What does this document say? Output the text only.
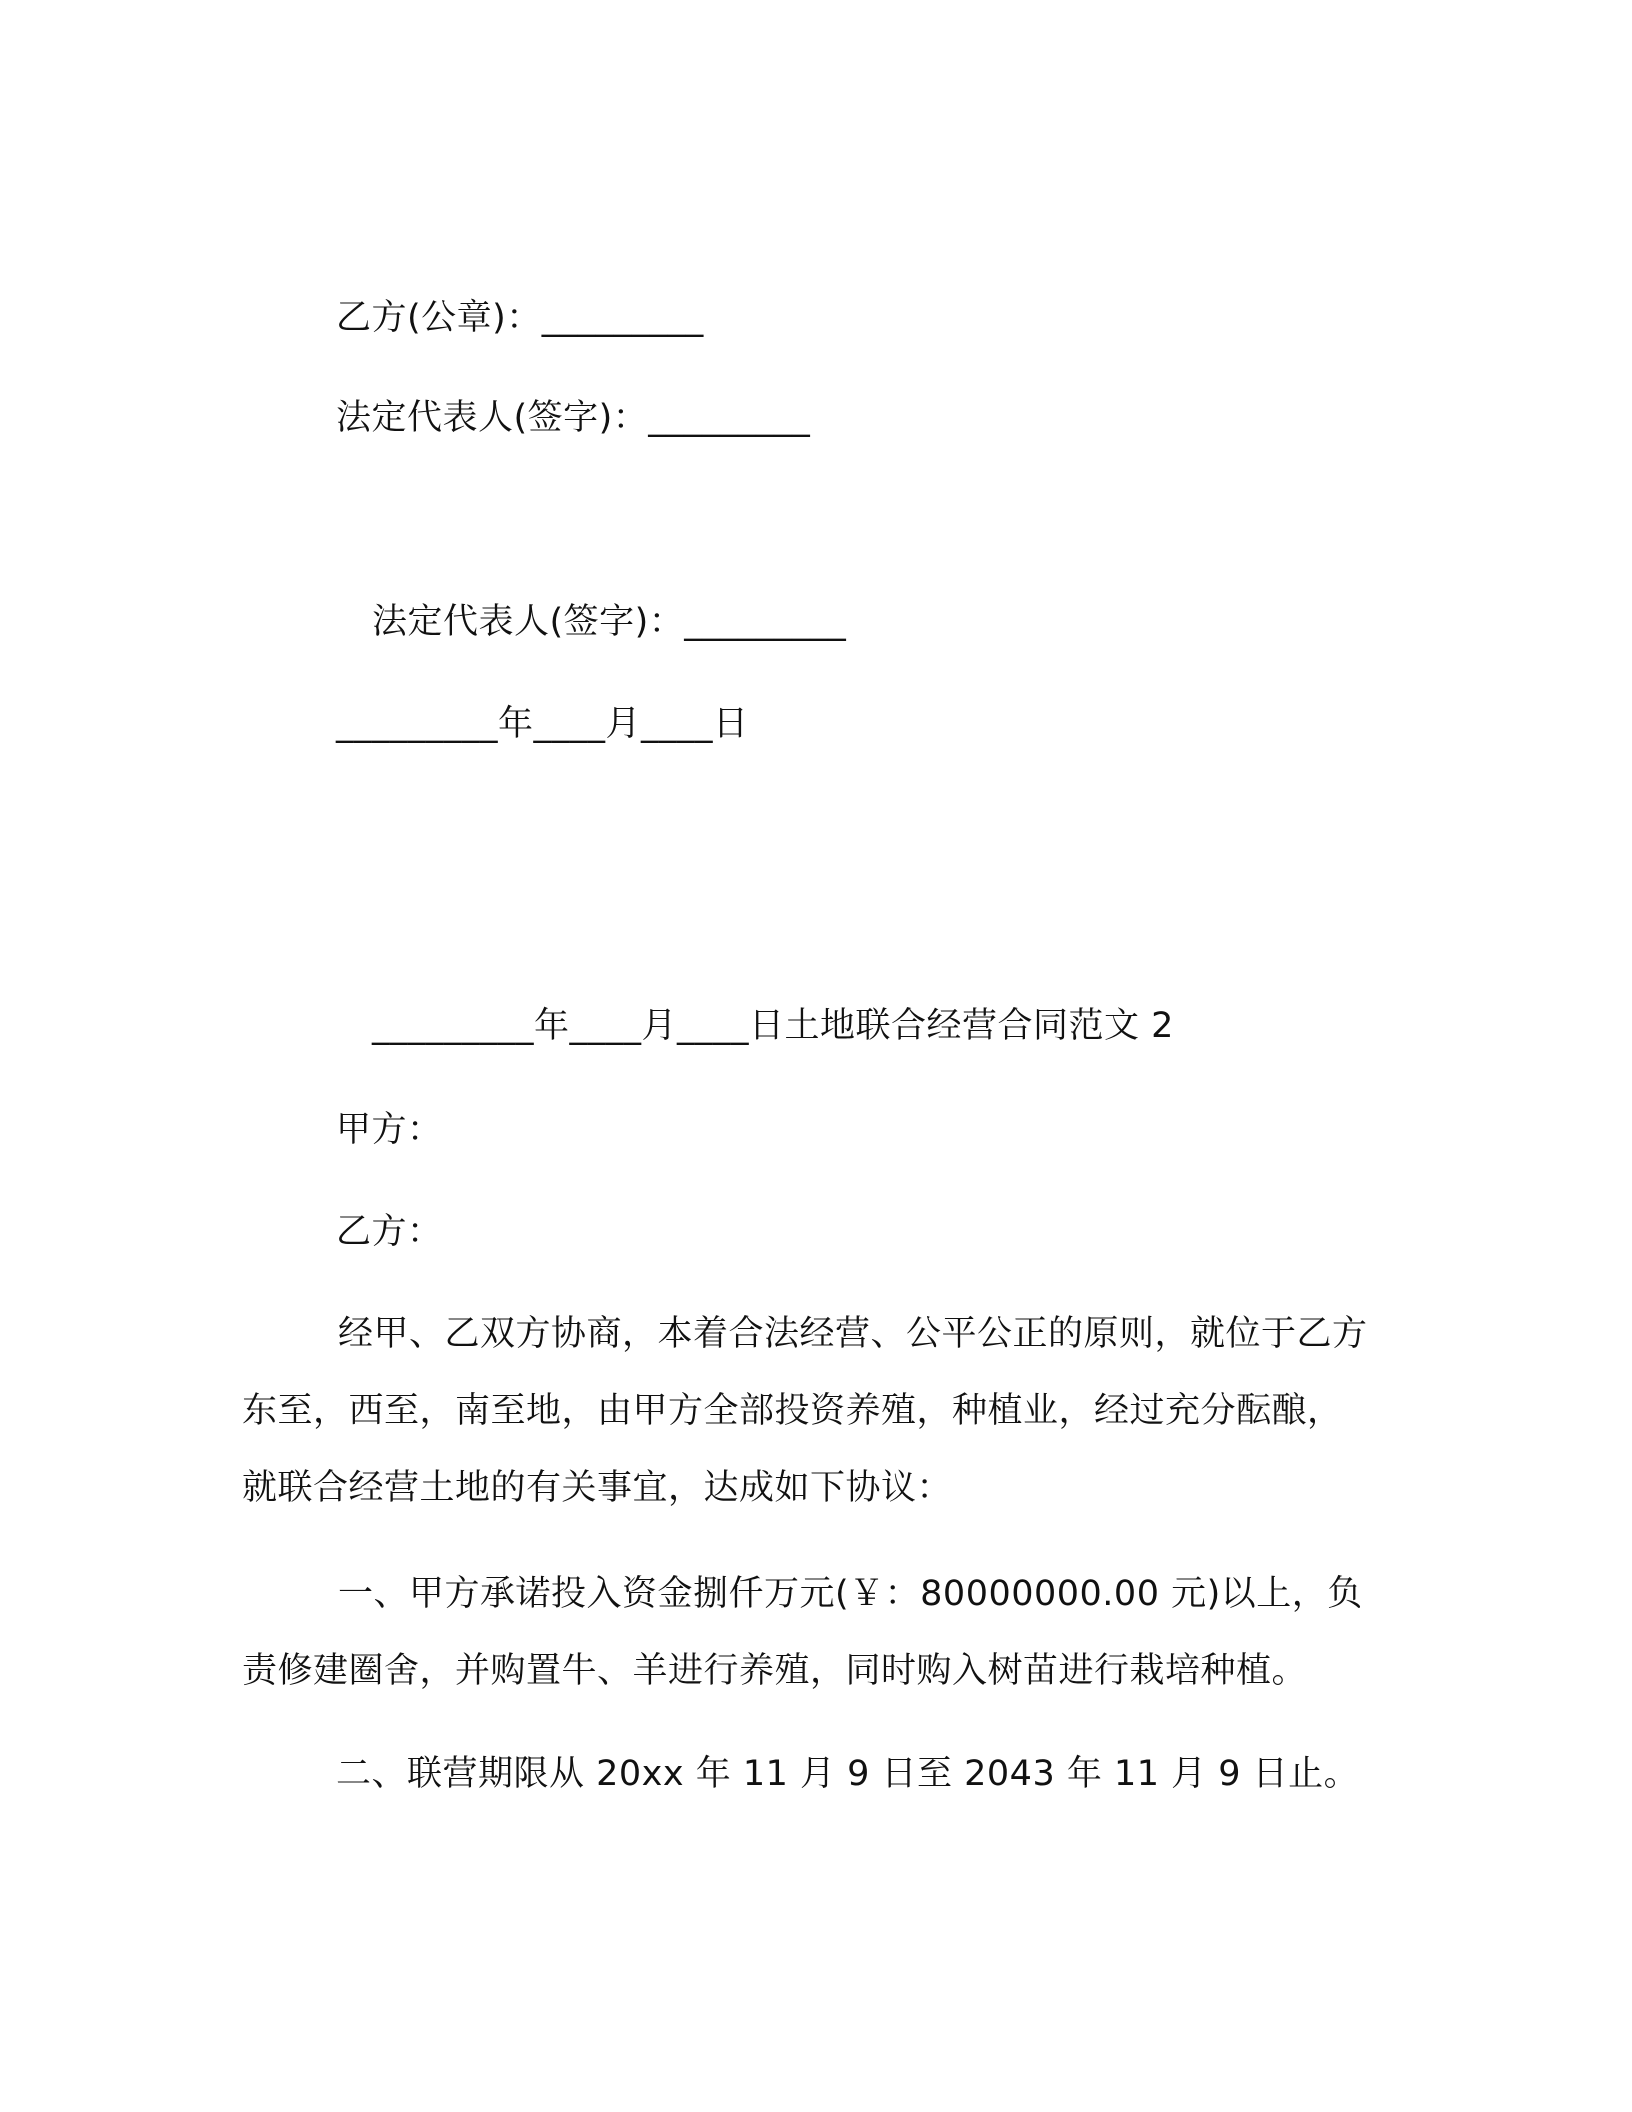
乙方(公章)：_________
法定代表人(签字)：_________
法定代表人(签字)：_________
_________年____月____日
_________年____月____日土地联合经营合同范文 2
甲方：
乙方：

经甲、乙双方协商，本着合法经营、公平公正的原则，就位于乙方东至，西至，南至地，由甲方全部投资养殖，种植业，经过充分酝酿，就联合经营土地的有关事宜，达成如下协议：

一、甲方承诺投入资金捌仟万元(￥：80000000.00 元)以上，负责修建圈舍，并购置牛、羊进行养殖，同时购入树苗进行栽培种植。

二、联营期限从 20xx 年 11 月 9 日至 2043 年 11 月 9 日止。
